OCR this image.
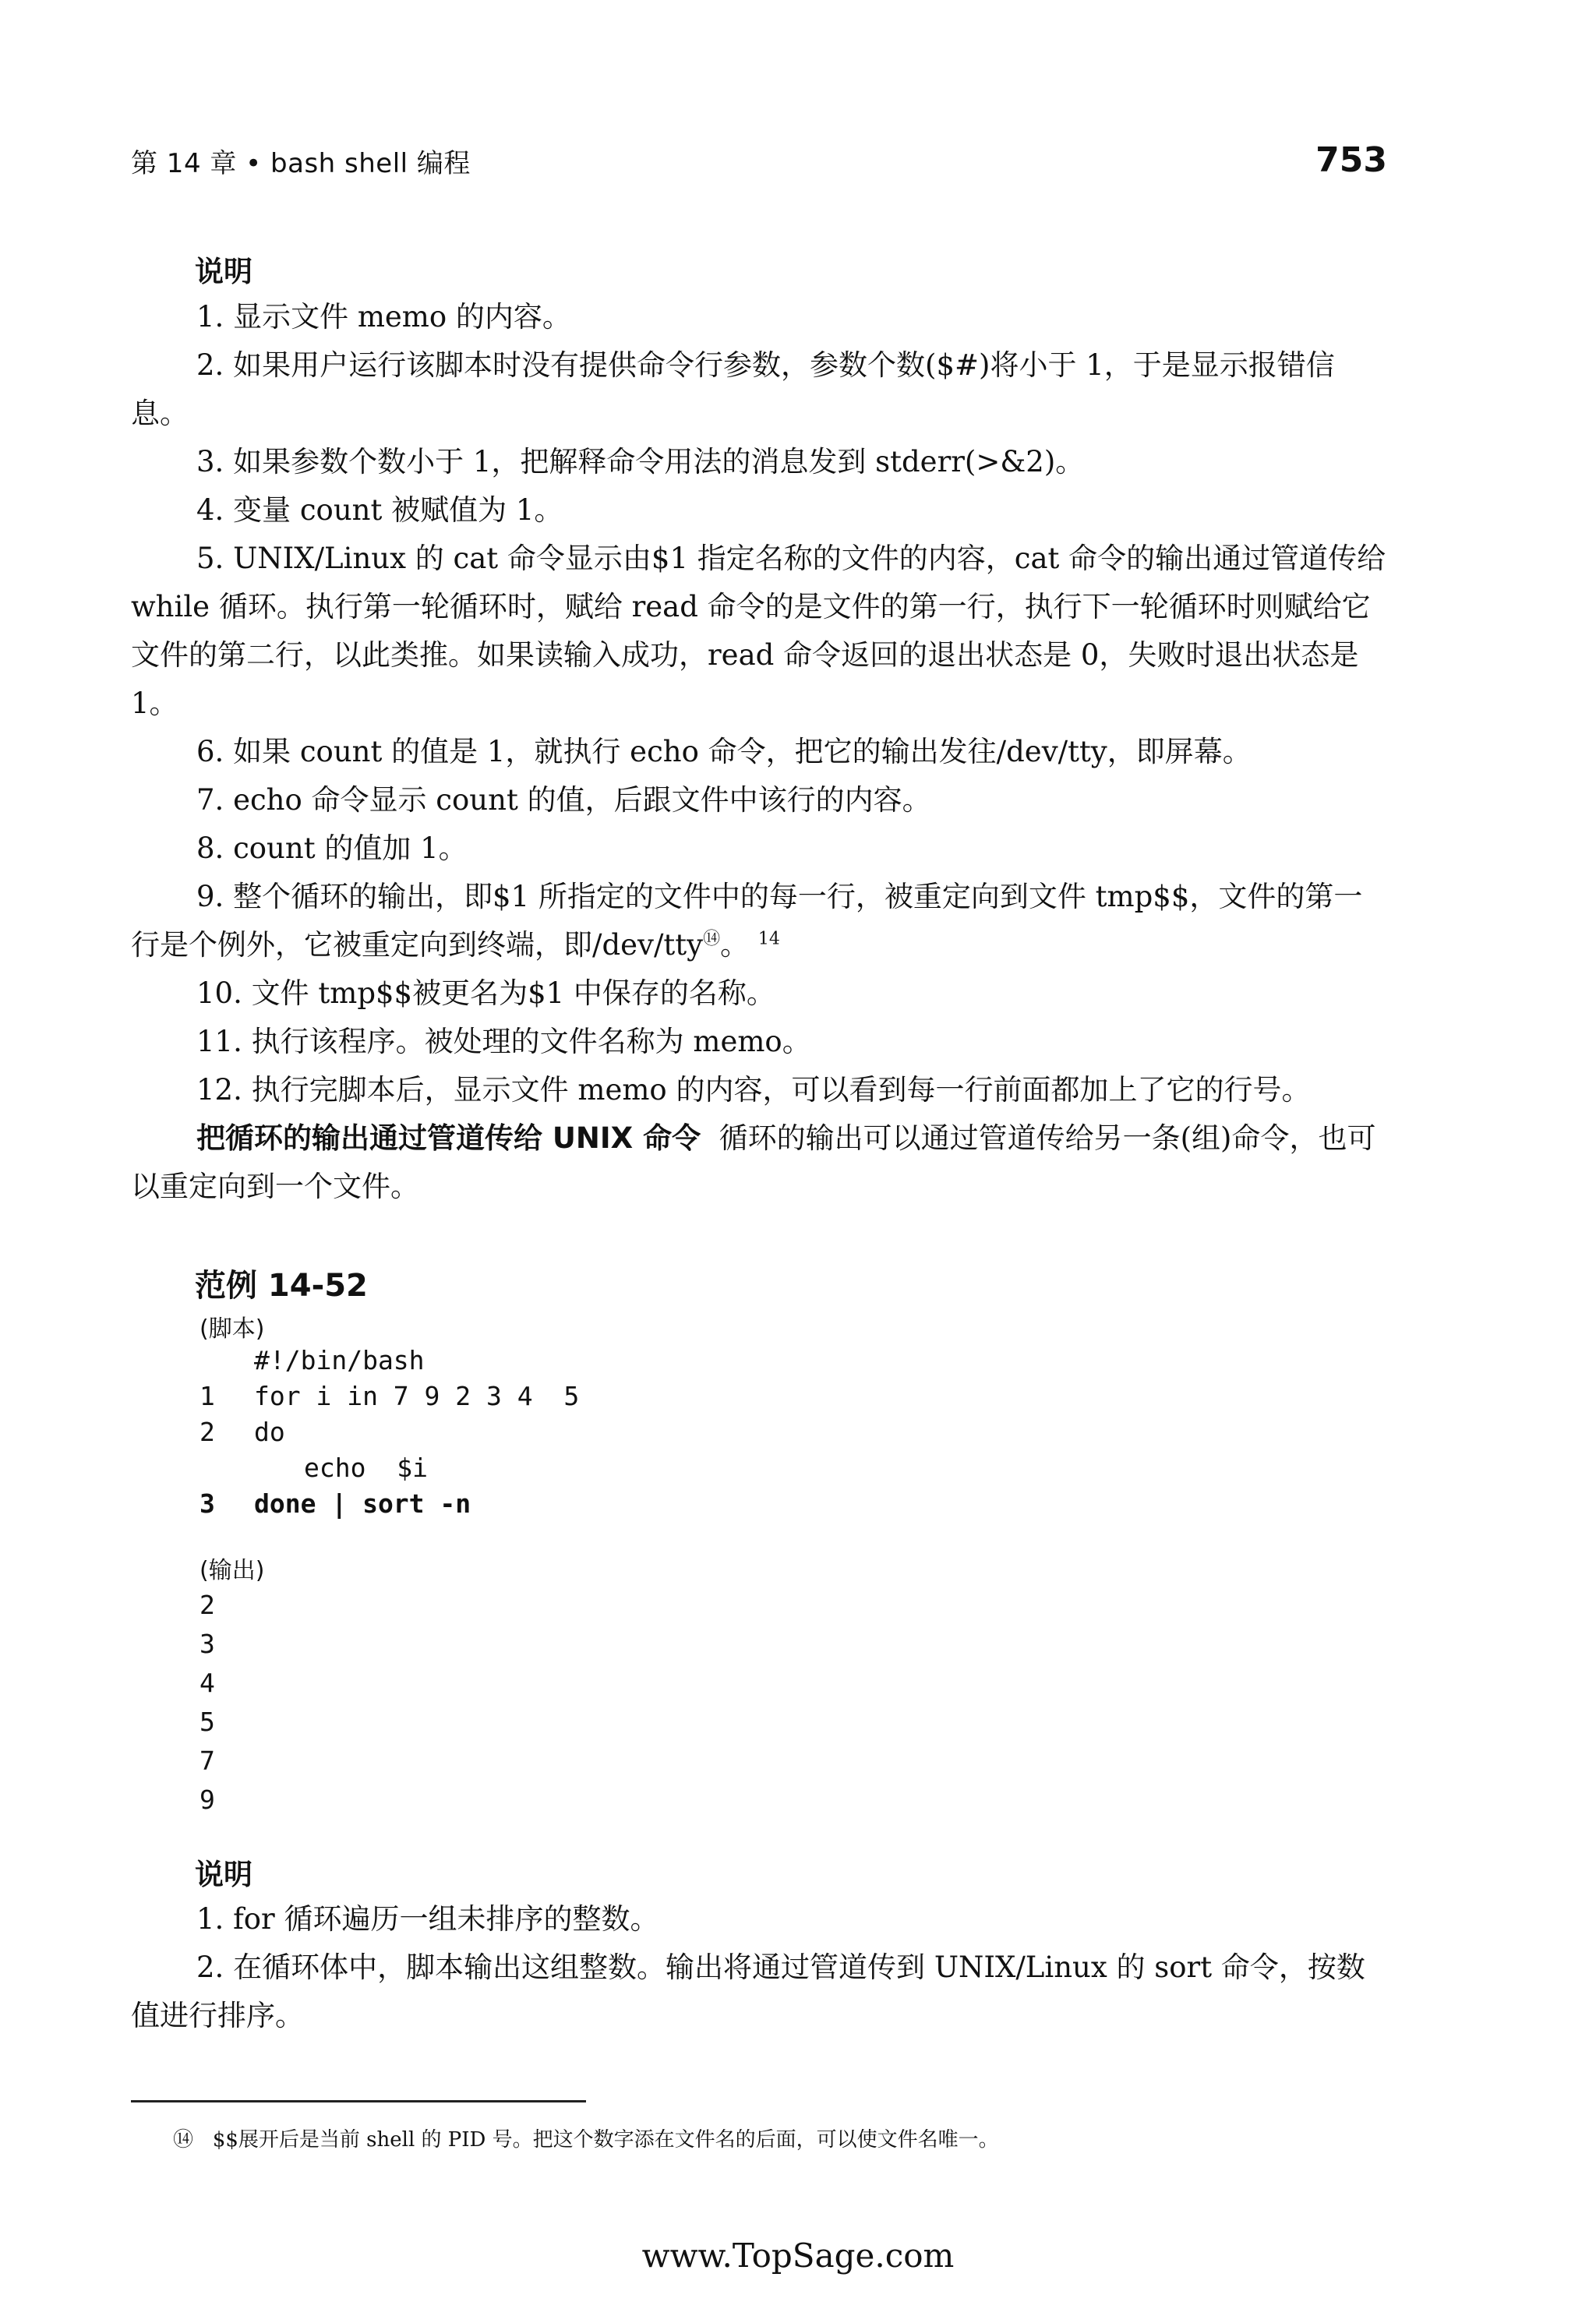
第 14 章 • bash shell 编程	753
说明

1. 显示文件 memo 的内容。

2. 如果用户运行该脚本时没有提供命令行参数，参数个数($#)将小于 1，于是显示报错信息。

3. 如果参数个数小于 1，把解释命令用法的消息发到 stderr(>&2)。

4. 变量 count 被赋值为 1。

5. UNIX/Linux 的 cat 命令显示由$1 指定名称的文件的内容，cat 命令的输出通过管道传给 while 循环。执行第一轮循环时，赋给 read 命令的是文件的第一行，执行下一轮循环时则赋给它文件的第二行，以此类推。如果读输入成功，read 命令返回的退出状态是 0，失败时退出状态是 1。

6. 如果 count 的值是 1，就执行 echo 命令，把它的输出发往/dev/tty，即屏幕。

7. echo 命令显示 count 的值，后跟文件中该行的内容。

8. count 的值加 1。

9. 整个循环的输出，即$1 所指定的文件中的每一行，被重定向到文件 tmp$$，文件的第一行是个例外，它被重定向到终端，即/dev/tty⑭。 $^{14}$

10. 文件 tmp$$被更名为$1 中保存的名称。

11. 执行该程序。被处理的文件名称为 memo。

12. 执行完脚本后，显示文件 memo 的内容，可以看到每一行前面都加上了它的行号。

把循环的输出通过管道传给 UNIX 命令 循环的输出可以通过管道传给另一条(组)命令，也可以重定向到一个文件。

范例 14-52
(脚本)
#!/bin/bash
1 for i in 7 9 2 3 4  5
2 do
echo  $i
3 done | sort -n
(输出)
2
3
4
5
7
9
说明

1. for 循环遍历一组未排序的整数。

2. 在循环体中，脚本输出这组整数。输出将通过管道传到 UNIX/Linux 的 sort 命令，按数值进行排序。

⑭ $$展开后是当前 shell 的 PID 号。把这个数字添在文件名的后面，可以使文件名唯一。
www.TopSage.com
